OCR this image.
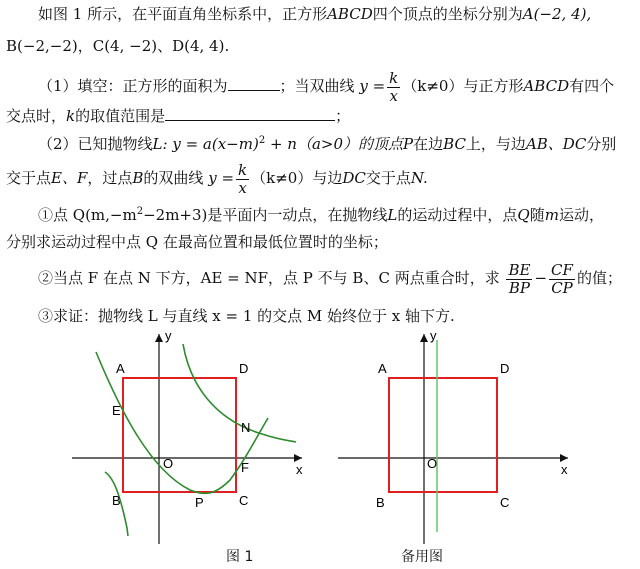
如图 1 所示，在平面直角坐标系中，正方形ABCD四个顶点的坐标分别为A(−2, 4),
B(−2,−2)，C(4, −2)、D(4, 4).
（1）填空：正方形的面积为	；当双曲线 $y = \frac{k}{x} (k\ne 0)$与正方形ABCD有四个
交点时，k的取值范围是	；
（2）已知抛物线L: $y = a(x-m)^2 + n(a>0)$的顶点P在边BC上，与边AB、DC分别
交于点E、F，过点B的双曲线 $y = \frac{k}{x} (k\ne 0)$与边DC交于点N.
①点 $Q(m,-m^2-2m+3)$是平面内一动点，在抛物线L的运动过程中，点Q随m运动，
分别求运动过程中点 Q 在最高位置和最低位置时的坐标；
②当点 F 在点 N 下方，AE = NF，点 P 不与 B、C 两点重合时，求 $\frac{BE}{BP} - \frac{CF}{CP}$ 的值；
③求证：抛物线 L 与直线 x = 1 的交点 M 始终位于 x 轴下方.
y
x
O
A	D
E
N
F
B	P	C
y
x
O
A	D
B	C
图 1	备用图
